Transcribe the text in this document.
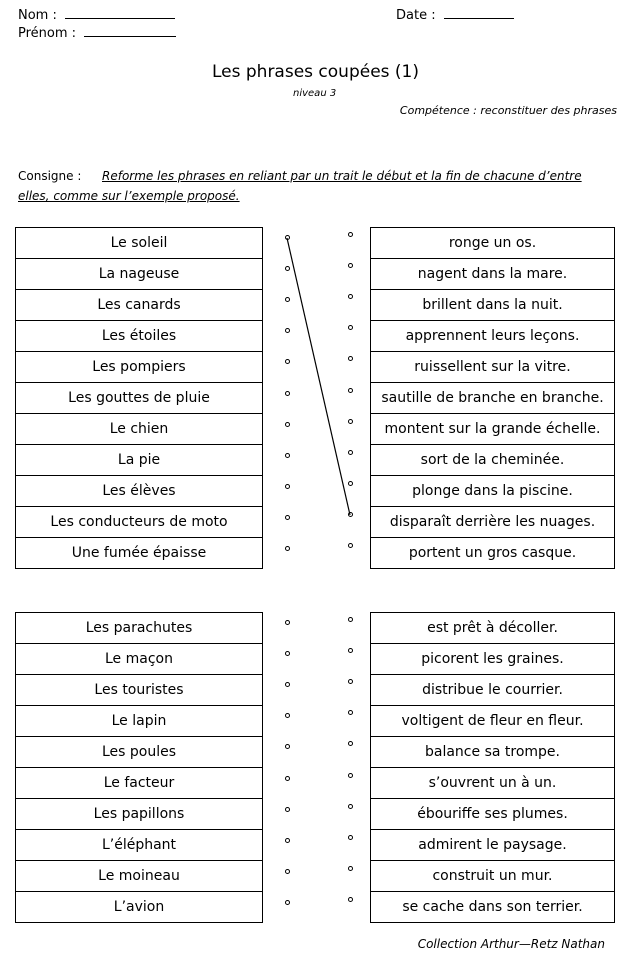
Nom :
Prénom :
Date :
Les phrases coupées (1)
niveau 3
Compétence : reconstituer des phrases
Consigne : Reforme les phrases en reliant par un trait le début et la fin de chacune d’entre elles, comme sur l’exemple proposé.
Le soleil
La nageuse
Les canards
Les étoiles
Les pompiers
Les gouttes de pluie
Le chien
La pie
Les élèves
Les conducteurs de moto
Une fumée épaisse
ronge un os.
nagent dans la mare.
brillent dans la nuit.
apprennent leurs leçons.
ruissellent sur la vitre.
sautille de branche en branche.
montent sur la grande échelle.
sort de la cheminée.
plonge dans la piscine.
disparaît derrière les nuages.
portent un gros casque.
Les parachutes
Le maçon
Les touristes
Le lapin
Les poules
Le facteur
Les papillons
L’éléphant
Le moineau
L’avion
est prêt à décoller.
picorent les graines.
distribue le courrier.
voltigent de fleur en fleur.
balance sa trompe.
s’ouvrent un à un.
ébouriffe ses plumes.
admirent le paysage.
construit un mur.
se cache dans son terrier.
Collection Arthur—Retz Nathan
